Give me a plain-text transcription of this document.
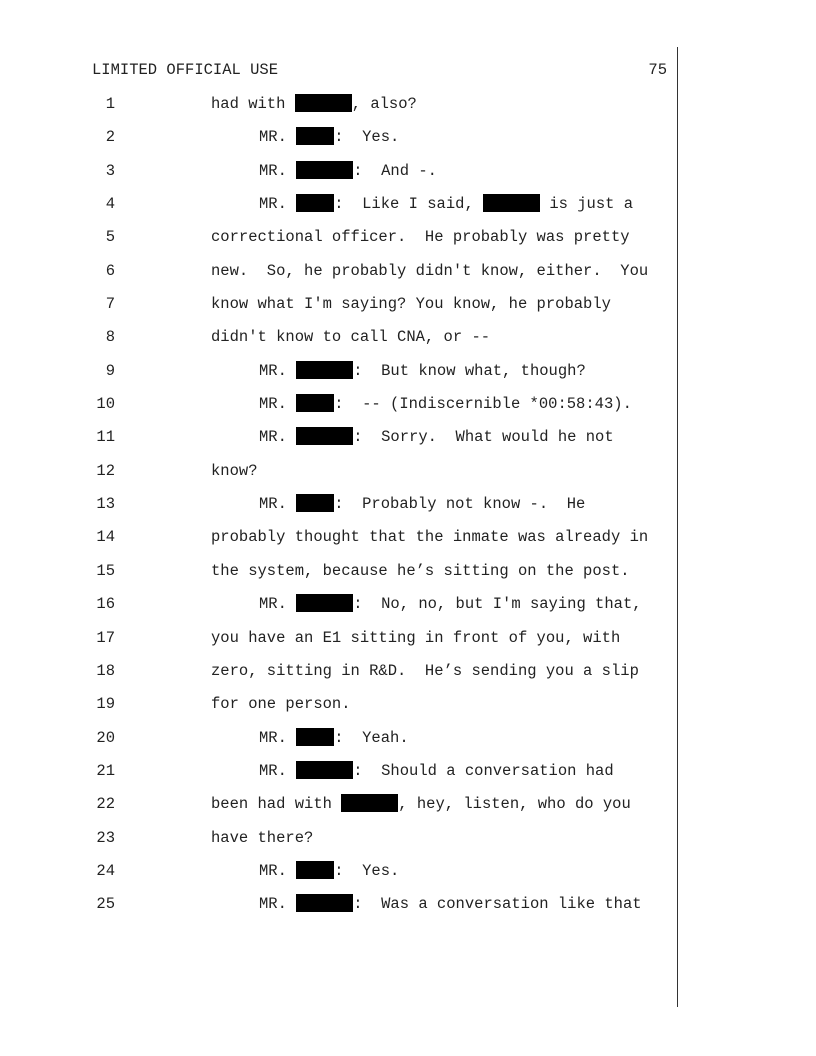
LIMITED OFFICIAL USE	75
1	had with	, also?
2	MR. :  Yes.
3	MR.	:  And -.
4	MR. :  Like I said,	is just a
5	correctional officer.  He probably was pretty
6	new.  So, he probably didn't know, either.  You
7	know what I'm saying? You know, he probably
8	didn't know to call CNA, or --
9	MR.	:  But know what, though?
10	MR. :  -- (Indiscernible *00:58:43).
11	MR.	:  Sorry.  What would he not
12	know?
13	MR. :  Probably not know -.  He
14	probably thought that the inmate was already in
15	the system, because he’s sitting on the post.
16	MR.	:  No, no, but I'm saying that,
17	you have an E1 sitting in front of you, with
18	zero, sitting in R&D.  He’s sending you a slip
19	for one person.
20	MR. :  Yeah.
21	MR.	:  Should a conversation had
22	been had with	, hey, listen, who do you
23	have there?
24	MR. :  Yes.
25	MR.	:  Was a conversation like that
